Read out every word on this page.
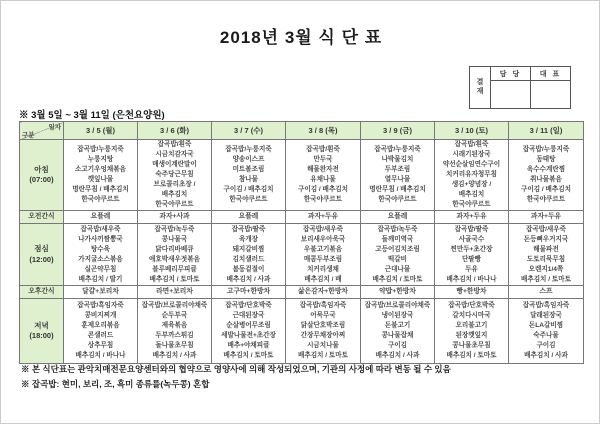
2018년 3월 식 단 표
결재	담 당	대 표

※ 3월 5일 ~ 3월 11일 (은천요양원)
일자
구분	3 / 5 (월)	3 / 6 (화)	3 / 7 (수)	3 / 8 (목)	3 / 9 (금)	3 / 10 (토)	3 / 11 (일)

아침
(07:00)

잡곡밥/누룽지죽
누룽지탕
소고기우엉채볶음
깻잎나물
명란무침 / 배추김치
한국야쿠르트

잡곡밥/흰죽
시금치감자국
매생이계란말이
숙주당근무침
브로콜리초장 /
배추김치
한국야쿠르트

잡곡밥/누룽지죽
양송이스프
미트볼조림
참나물
구이김 / 배추김치
한국야쿠르트

잡곡밥/흰죽
만두국
해물완자전
유채나물
구이김 / 배추김치
한국야쿠르트

잡곡밥/누룽지죽
나박물김치
두부조림
열무나물
명란무침 / 배추김치
한국야쿠르트

잡곡밥/흰죽
시래기된장국
약선순살임연수구이
치커리유자청무침
생김+양념장 /
배추김치
한국야쿠르트

잡곡밥/누룽지죽
동태탕
옥수수계란찜
취나물볶음
구이김 / 배추김치
한국야쿠르트

오전간식	요플레	과자+사과	요플레	과자+두유	요플레	과자+두유	과자+두유

점심
(12:00)

잡곡밥/새우죽
나가사끼짬뽕국
탕수육
가지굴소스볶음
실곤약무침
배추김치 / 딸기

잡곡밥/녹두죽
콩나물국
닭다리바베큐
애호박새우젓볶음
블루베리무피클
배추김치 / 토마토

잡곡밥/팥죽
육개장
돼지갈비찜
김치샐러드
봄동겉절이
배추김치 / 사과

잡곡밥/새우죽
보리새우아욱국
우불고기볶음
매콤두부조림
치커리생채
배추김치 / 배

잡곡밥/녹두죽
들깨미역국
고등어김치조림
떡갈비
근대나물
배추김치 / 토마토

잡곡밥/팥죽
사골국수
찐만두+초간장
단팥빵
두유
배추김치 / 바나나

잡곡밥/새우죽
돈등뼈우거지국
해물파전
도토리묵무침
오렌지1/4쪽
배추김치 / 토마토

오후간식	달걀+보리차	라면+보리차	고구마+한방차	삶은감자+한방차	약밥+한방차	빵+한방차	스프

저녁
(18:00)

잡곡밥/흑임자죽
콩비지찌개
훈제오리볶음
콘샐러드
상추무침
배추김치 / 바나나

잡곡밥/브로콜리야채죽
순두부국
제육볶음
두부까스튀김
돌나물초무침
배추김치 / 사과

잡곡밥/단호박죽
근대된장국
순살병어무조림
세발나물전+초간장
배추+야채피클
배추김치 / 토마토

잡곡밥/흑임자죽
어묵무국
닭살단호박조림
간장무채장아찌
시금치나물
배추김치 / 토마토

잡곡밥/브로콜리야채죽
냉이된장국
돈불고기
콩나물잡채
구이김
배추김치 / 사과

잡곡밥/단호박죽
갈치다시마국
오리불고기
된장깻잎지
콩나물초무침
배추김치 / 토마토

잡곡밥/흑임자죽
달래된장국
돈LA갈비찜
숙주나물
구이김
배추김치 / 사과
※ 본 식단표는 관악치매전문요양센터와의 협약으로 영양사에 의해 작성되었으며, 기관의 사정에 따라 변동 될 수 있음
※ 잡곡밥: 현미, 보리, 조, 흑미 종류를(녹두콩) 혼합
